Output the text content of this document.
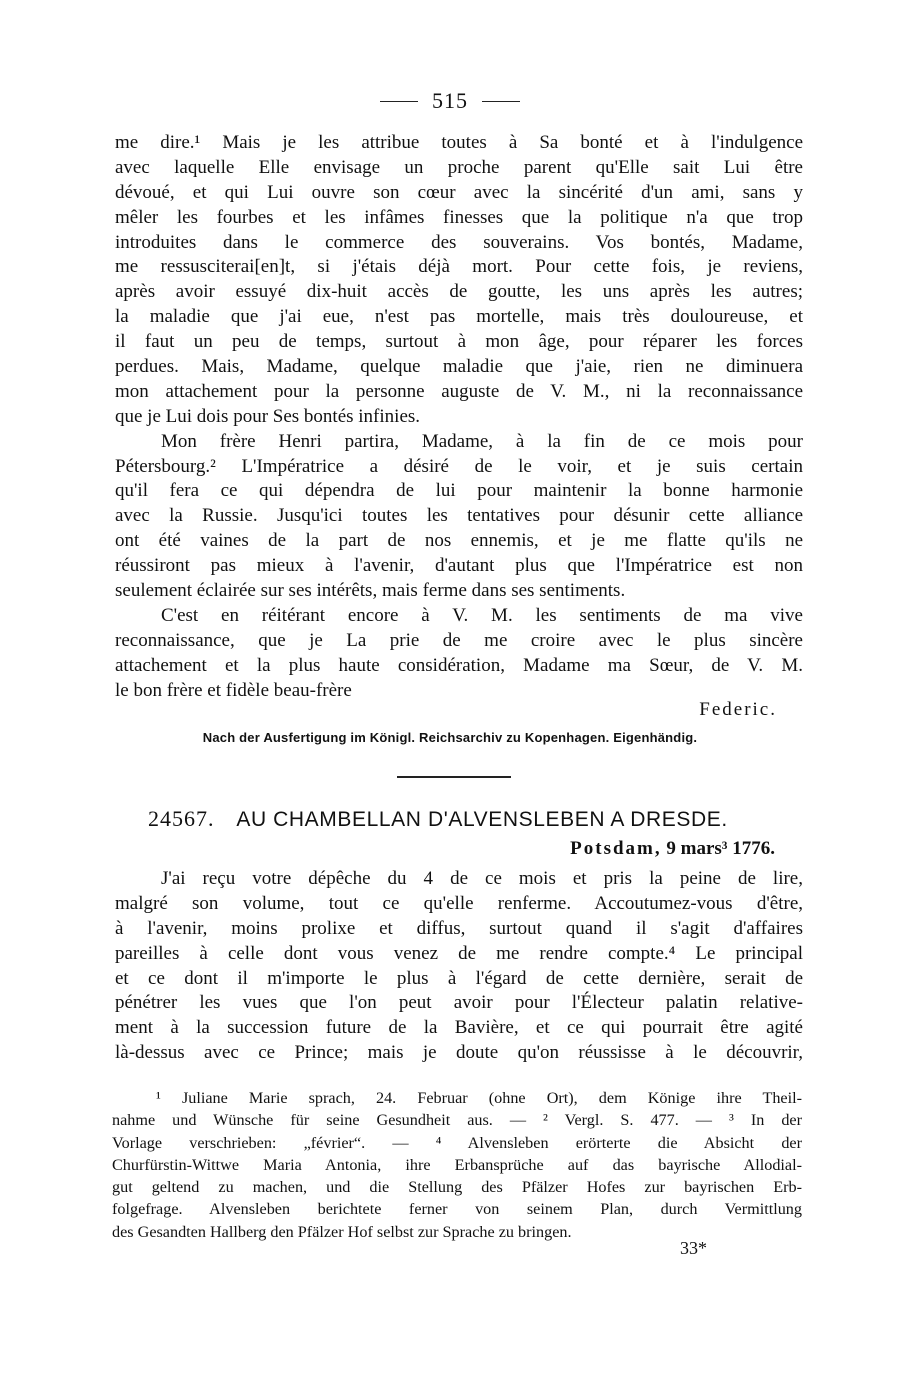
515
me dire.¹ Mais je les attribue toutes à Sa bonté et à l'indulgence
avec laquelle Elle envisage un proche parent qu'Elle sait Lui être
dévoué, et qui Lui ouvre son cœur avec la sincérité d'un ami, sans y
mêler les fourbes et les infâmes finesses que la politique n'a que trop
introduites dans le commerce des souverains. Vos bontés, Madame,
me ressusciterai[en]t, si j'étais déjà mort. Pour cette fois, je reviens,
après avoir essuyé dix-huit accès de goutte, les uns après les autres;
la maladie que j'ai eue, n'est pas mortelle, mais très douloureuse, et
il faut un peu de temps, surtout à mon âge, pour réparer les forces
perdues. Mais, Madame, quelque maladie que j'aie, rien ne diminuera
mon attachement pour la personne auguste de V. M., ni la reconnaissance
que je Lui dois pour Ses bontés infinies.
Mon frère Henri partira, Madame, à la fin de ce mois pour
Pétersbourg.² L'Impératrice a désiré de le voir, et je suis certain
qu'il fera ce qui dépendra de lui pour maintenir la bonne harmonie
avec la Russie. Jusqu'ici toutes les tentatives pour désunir cette alliance
ont été vaines de la part de nos ennemis, et je me flatte qu'ils ne
réussiront pas mieux à l'avenir, d'autant plus que l'Impératrice est non
seulement éclairée sur ses intérêts, mais ferme dans ses sentiments.
C'est en réitérant encore à V. M. les sentiments de ma vive
reconnaissance, que je La prie de me croire avec le plus sincère
attachement et la plus haute considération, Madame ma Sœur, de V. M.
le bon frère et fidèle beau-frère
Federic.
Nach der Ausfertigung im Königl. Reichsarchiv zu Kopenhagen. Eigenhändig.
24567. AU CHAMBELLAN D'ALVENSLEBEN A DRESDE.
Potsdam, 9 mars³ 1776.
J'ai reçu votre dépêche du 4 de ce mois et pris la peine de lire,
malgré son volume, tout ce qu'elle renferme. Accoutumez-vous d'être,
à l'avenir, moins prolixe et diffus, surtout quand il s'agit d'affaires
pareilles à celle dont vous venez de me rendre compte.⁴ Le principal
et ce dont il m'importe le plus à l'égard de cette dernière, serait de
pénétrer les vues que l'on peut avoir pour l'Électeur palatin relative-
ment à la succession future de la Bavière, et ce qui pourrait être agité
là-dessus avec ce Prince; mais je doute qu'on réussisse à le découvrir,
¹ Juliane Marie sprach, 24. Februar (ohne Ort), dem Könige ihre Theil-
nahme und Wünsche für seine Gesundheit aus. — ² Vergl. S. 477. — ³ In der
Vorlage verschrieben: „février“. — ⁴ Alvensleben erörterte die Absicht der
Churfürstin-Wittwe Maria Antonia, ihre Erbansprüche auf das bayrische Allodial-
gut geltend zu machen, und die Stellung des Pfälzer Hofes zur bayrischen Erb-
folgefrage. Alvensleben berichtete ferner von seinem Plan, durch Vermittlung
des Gesandten Hallberg den Pfälzer Hof selbst zur Sprache zu bringen.
33*
